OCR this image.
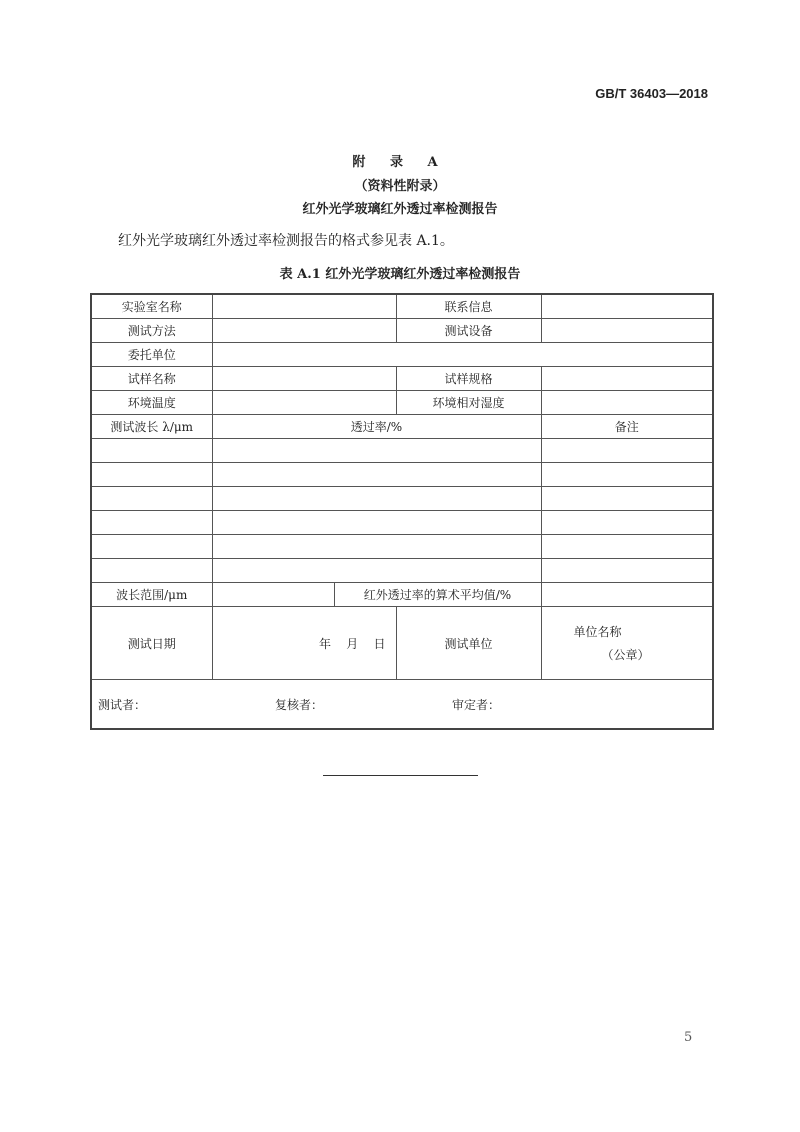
GB/T 36403—2018
附 录 A
（资料性附录）
红外光学玻璃红外透过率检测报告
红外光学玻璃红外透过率检测报告的格式参见表 A.1。
表 A.1 红外光学玻璃红外透过率检测报告
实验室名称			联系信息	
测试方法			测试设备	
委托单位				
试样名称			试样规格	
环境温度			环境相对湿度	
测试波长 λ/μm	透过率/%			备注

波长范围/μm		红外透过率的算术平均值/%		
测试日期	年    月    日		测试单位	单位名称
（公章）

测试者： 复核者： 审定者：				
5
